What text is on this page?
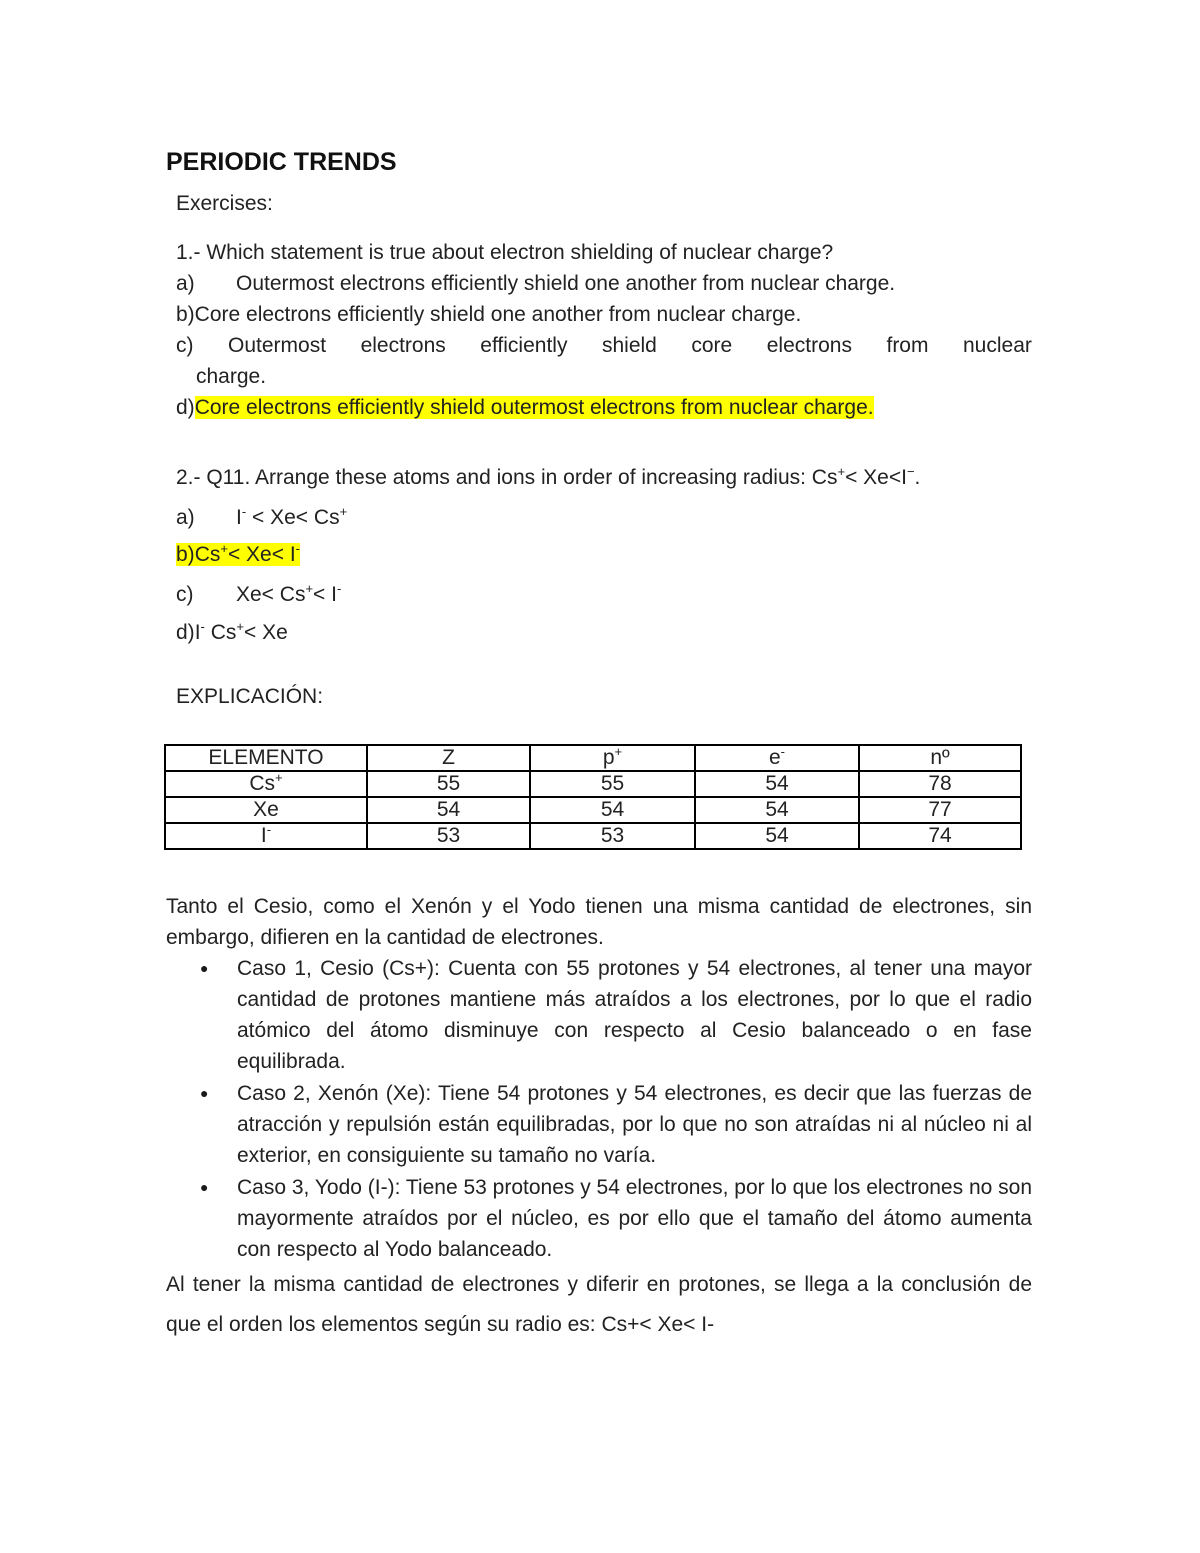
PERIODIC TRENDS
Exercises:
1.- Which statement is true about electron shielding of nuclear charge?
a) Outermost electrons efficiently shield one another from nuclear charge.
b)Core electrons efficiently shield one another from nuclear charge.
c) Outermost electrons efficiently shield core electrons from nuclear
charge.
d)Core electrons efficiently shield outermost electrons from nuclear charge.
2.- Q11. Arrange these atoms and ions in order of increasing radius: Cs+< Xe<I−.
a) I- < Xe< Cs+
b)Cs+< Xe< I-
c) Xe< Cs+< I-
d)I- Cs+< Xe
EXPLICACIÓN:
ELEMENTO	Z	p+	e-	nº
Cs+	55	55	54	78
Xe	54	54	54	77
I-	53	53	54	74
Tanto el Cesio, como el Xenón y el Yodo tienen una misma cantidad de electrones, sin embargo, difieren en la cantidad de electrones.
● Caso 1, Cesio (Cs+): Cuenta con 55 protones y 54 electrones, al tener una mayor cantidad de protones mantiene más atraídos a los electrones, por lo que el radio atómico del átomo disminuye con respecto al Cesio balanceado o en fase equilibrada.
● Caso 2, Xenón (Xe): Tiene 54 protones y 54 electrones, es decir que las fuerzas de atracción y repulsión están equilibradas, por lo que no son atraídas ni al núcleo ni al exterior, en consiguiente su tamaño no varía.
● Caso 3, Yodo (I-): Tiene 53 protones y 54 electrones, por lo que los electrones no son mayormente atraídos por el núcleo, es por ello que el tamaño del átomo aumenta con respecto al Yodo balanceado.
Al tener la misma cantidad de electrones y diferir en protones, se llega a la conclusión de que el orden los elementos según su radio es: Cs+< Xe< I-
